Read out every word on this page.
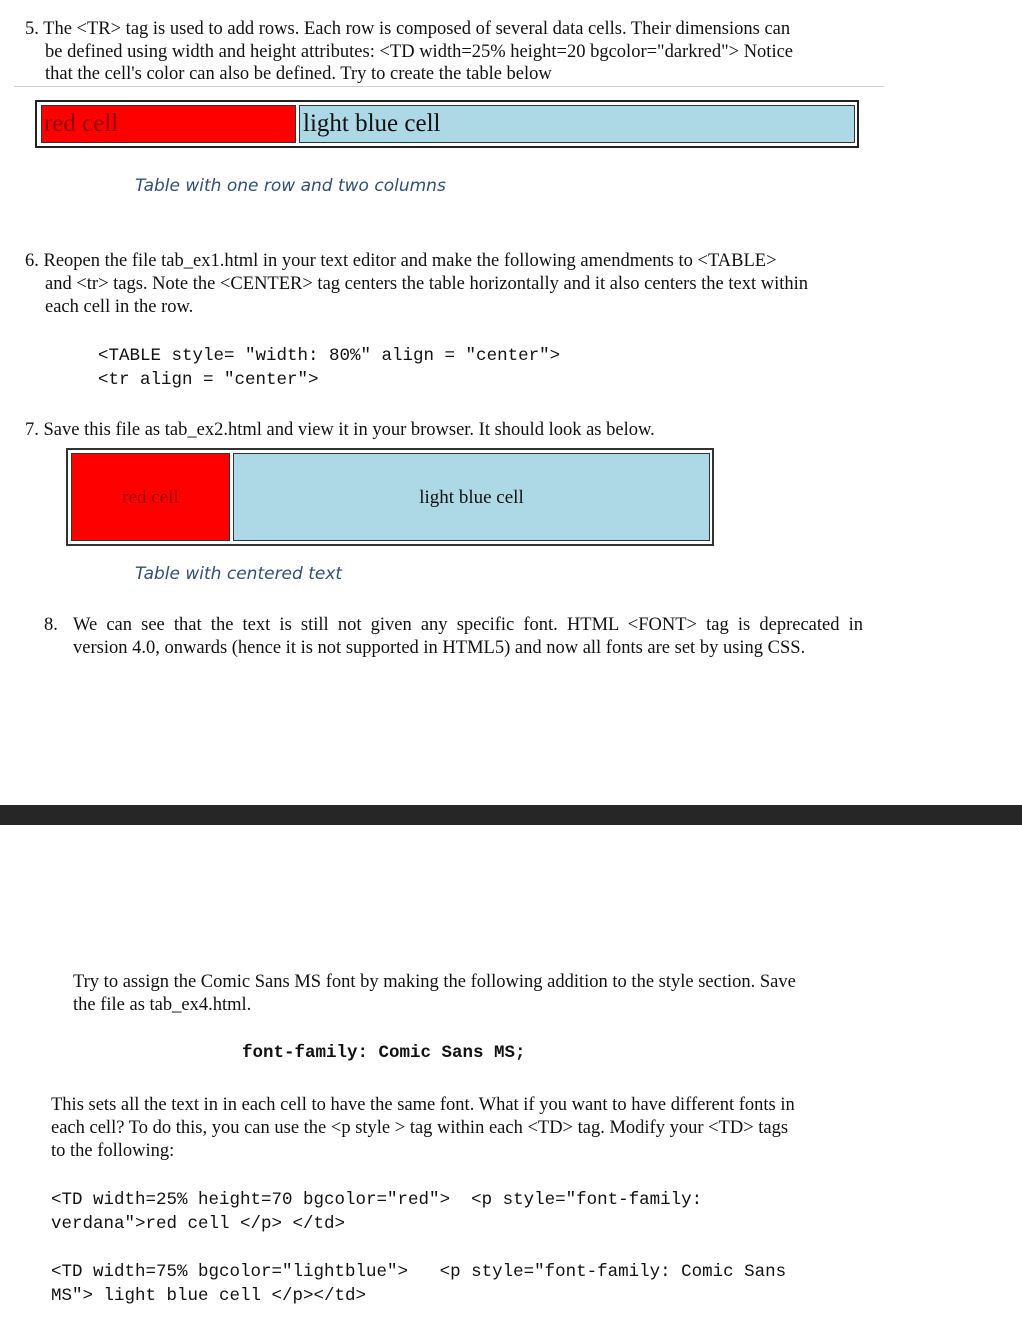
5. The <TR> tag is used to add rows. Each row is composed of several data cells. Their dimensions can
be defined using width and height attributes: <TD width=25% height=20 bgcolor="darkred"> Notice
that the cell's color can also be defined. Try to create the table below
red cell	light blue cell
Table with one row and two columns
6. Reopen the file tab_ex1.html in your text editor and make the following amendments to <TABLE>
and <tr> tags. Note the <CENTER> tag centers the table horizontally and it also centers the text within
each cell in the row.
<TABLE style= "width: 80%" align = "center">
<tr align = "center">
7. Save this file as tab_ex2.html and view it in your browser. It should look as below.
red cell	light blue cell
Table with centered text
8. We can see that the text is still not given any specific font. HTML <FONT> tag is deprecated in
version 4.0, onwards (hence it is not supported in HTML5) and now all fonts are set by using CSS.
Try to assign the Comic Sans MS font by making the following addition to the style section. Save
the file as tab_ex4.html.
font-family: Comic Sans MS;
This sets all the text in in each cell to have the same font. What if you want to have different fonts in
each cell? To do this, you can use the <p style > tag within each <TD> tag. Modify your <TD> tags
to the following:
<TD width=25% height=70 bgcolor="red">  <p style="font-family:
verdana">red cell </p> </td>
<TD width=75% bgcolor="lightblue">   <p style="font-family: Comic Sans
MS"> light blue cell </p></td>
